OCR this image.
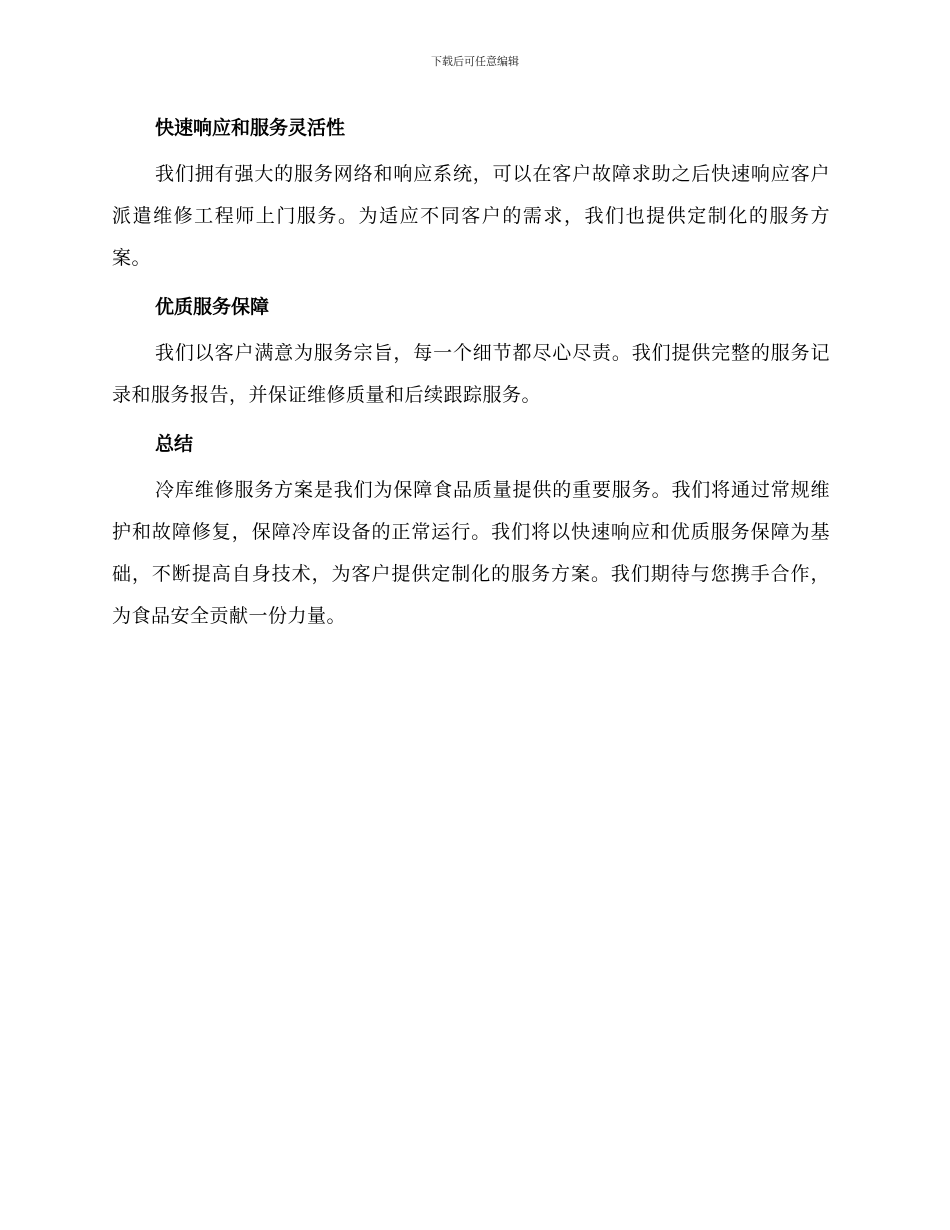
下载后可任意编辑
快速响应和服务灵活性

我们拥有强大的服务网络和响应系统，可以在客户故障求助之后快速响应客户派遣维修工程师上门服务。为适应不同客户的需求，我们也提供定制化的服务方案。

优质服务保障

我们以客户满意为服务宗旨，每一个细节都尽心尽责。我们提供完整的服务记录和服务报告，并保证维修质量和后续跟踪服务。

总结

冷库维修服务方案是我们为保障食品质量提供的重要服务。我们将通过常规维护和故障修复，保障冷库设备的正常运行。我们将以快速响应和优质服务保障为基础，不断提高自身技术，为客户提供定制化的服务方案。我们期待与您携手合作，为食品安全贡献一份力量。
